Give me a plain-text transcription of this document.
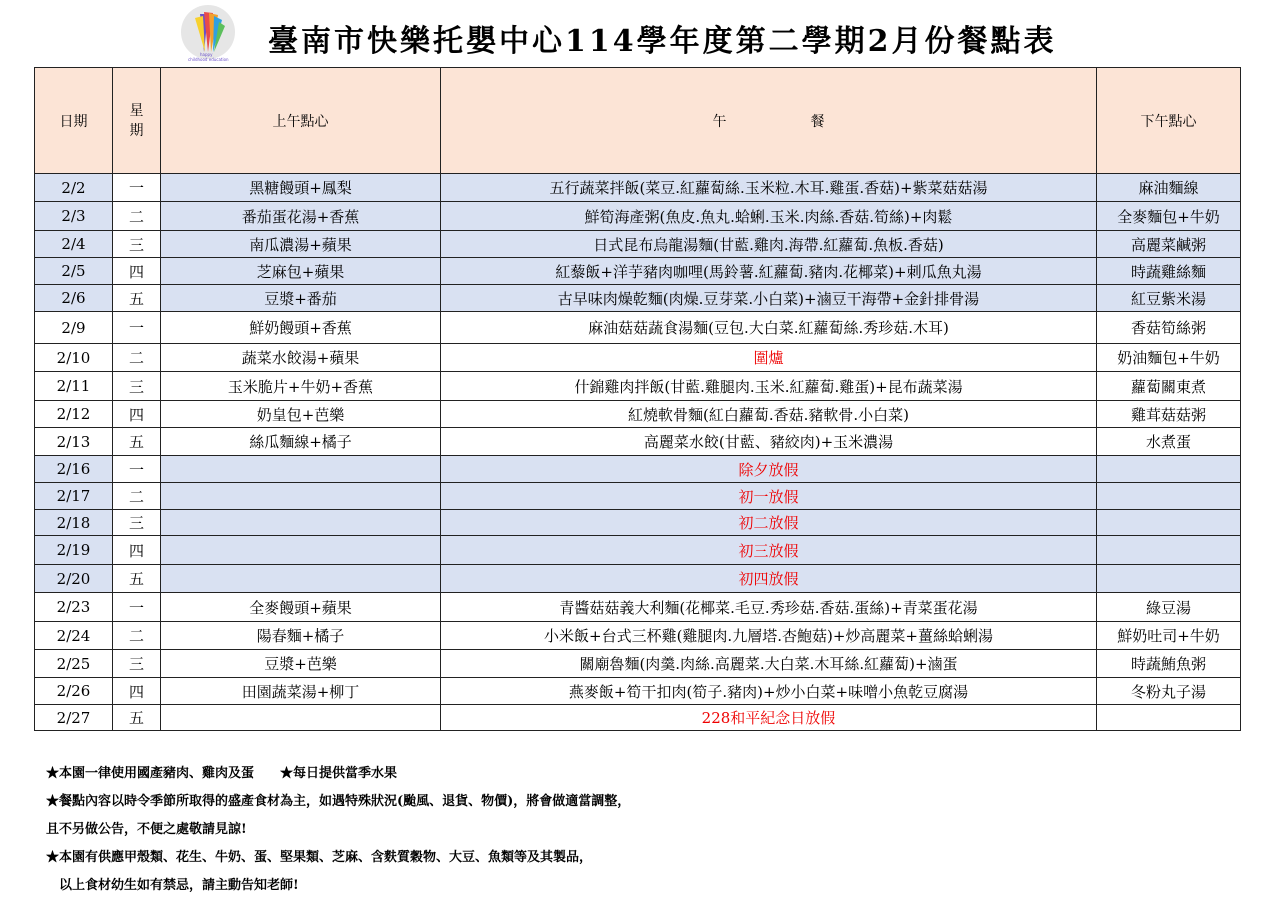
happy
childhood education
臺南市快樂托嬰中心114學年度第二學期2月份餐點表
日期	星期	上午點心	午　　　　　　餐	下午點心
2/2	一	黑糖饅頭+鳳梨	五行蔬菜拌飯(菜豆.紅蘿蔔絲.玉米粒.木耳.雞蛋.香菇)+紫菜菇菇湯	麻油麵線
2/3	二	番茄蛋花湯+香蕉	鮮筍海產粥(魚皮.魚丸.蛤蜊.玉米.肉絲.香菇.筍絲)+肉鬆	全麥麵包+牛奶
2/4	三	南瓜濃湯+蘋果	日式昆布烏龍湯麵(甘藍.雞肉.海帶.紅蘿蔔.魚板.香菇)	高麗菜鹹粥
2/5	四	芝麻包+蘋果	紅藜飯+洋芋豬肉咖哩(馬鈴薯.紅蘿蔔.豬肉.花椰菜)+刺瓜魚丸湯	時蔬雞絲麵
2/6	五	豆漿+番茄	古早味肉燥乾麵(肉燥.豆芽菜.小白菜)+滷豆干海帶+金針排骨湯	紅豆紫米湯
2/9	一	鮮奶饅頭+香蕉	麻油菇菇蔬食湯麵(豆包.大白菜.紅蘿蔔絲.秀珍菇.木耳)	香菇筍絲粥
2/10	二	蔬菜水餃湯+蘋果	圍爐	奶油麵包+牛奶
2/11	三	玉米脆片+牛奶+香蕉	什錦雞肉拌飯(甘藍.雞腿肉.玉米.紅蘿蔔.雞蛋)+昆布蔬菜湯	蘿蔔關東煮
2/12	四	奶皇包+芭樂	紅燒軟骨麵(紅白蘿蔔.香菇.豬軟骨.小白菜)	雞茸菇菇粥
2/13	五	絲瓜麵線+橘子	高麗菜水餃(甘藍、豬絞肉)+玉米濃湯	水煮蛋
2/16	一		除夕放假	
2/17	二		初一放假	
2/18	三		初二放假	
2/19	四		初三放假	
2/20	五		初四放假	
2/23	一	全麥饅頭+蘋果	青醬菇菇義大利麵(花椰菜.毛豆.秀珍菇.香菇.蛋絲)+青菜蛋花湯	綠豆湯
2/24	二	陽春麵+橘子	小米飯+台式三杯雞(雞腿肉.九層塔.杏鮑菇)+炒高麗菜+薑絲蛤蜊湯	鮮奶吐司+牛奶
2/25	三	豆漿+芭樂	關廟魯麵(肉羹.肉絲.高麗菜.大白菜.木耳絲.紅蘿蔔)+滷蛋	時蔬鮪魚粥
2/26	四	田園蔬菜湯+柳丁	燕麥飯+筍干扣肉(筍子.豬肉)+炒小白菜+味噌小魚乾豆腐湯	冬粉丸子湯
2/27	五		228和平紀念日放假	
★本園一律使用國產豬肉、雞肉及蛋　　★每日提供當季水果
★餐點內容以時令季節所取得的盛產食材為主，如遇特殊狀況(颱風、退貨、物價)，將會做適當調整，
且不另做公告，不便之處敬請見諒!
★本園有供應甲殼類、花生、牛奶、蛋、堅果類、芝麻、含麩質穀物、大豆、魚類等及其製品，
　以上食材幼生如有禁忌，請主動告知老師!
